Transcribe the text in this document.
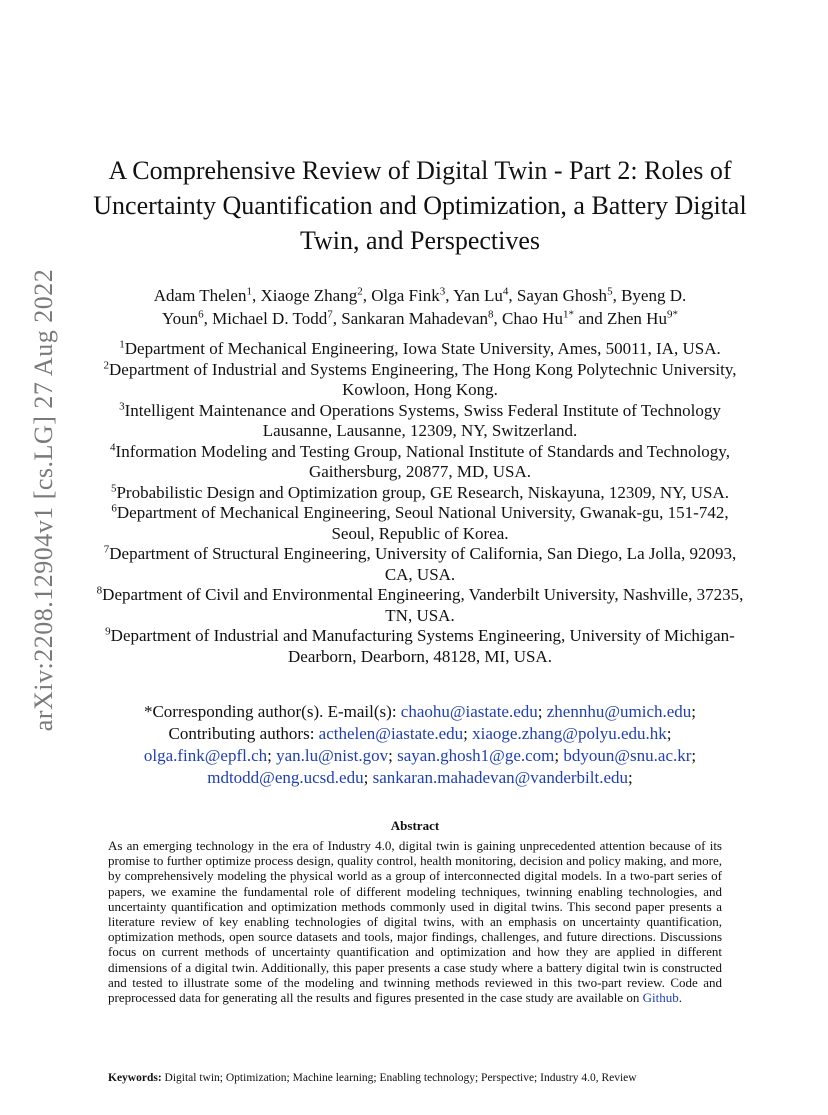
arXiv:2208.12904v1 [cs.LG] 27 Aug 2022
A Comprehensive Review of Digital Twin - Part 2: Roles of Uncertainty Quantification and Optimization, a Battery Digital Twin, and Perspectives
Adam Thelen$^1$, Xiaoge Zhang$^2$, Olga Fink$^3$, Yan Lu$^4$, Sayan Ghosh$^5$, Byeng D.
Youn$^6$, Michael D. Todd$^7$, Sankaran Mahadevan$^8$, Chao $Hu^{1*}$ and Zhen $Hu^{9*}$

$^1$Department of Mechanical Engineering, Iowa State University, Ames, 50011, IA, USA.

$^2$Department of Industrial and Systems Engineering, The Hong Kong Polytechnic University, Kowloon, Hong Kong.

$^3$Intelligent Maintenance and Operations Systems, Swiss Federal Institute of Technology Lausanne, Lausanne, 12309, NY, Switzerland.

$^4$Information Modeling and Testing Group, National Institute of Standards and Technology, Gaithersburg, 20877, MD, USA.

$^5$Probabilistic Design and Optimization group, GE Research, Niskayuna, 12309, NY, USA.

$^6$Department of Mechanical Engineering, Seoul National University, Gwanak-gu, 151-742, Seoul, Republic of Korea.

$^7$Department of Structural Engineering, University of California, San Diego, La Jolla, 92093, CA, USA.

$^8$Department of Civil and Environmental Engineering, Vanderbilt University, Nashville, 37235, TN, USA.

$^9$Department of Industrial and Manufacturing Systems Engineering, University of Michigan-Dearborn, Dearborn, 48128, MI, USA.

*Corresponding author(s). E-mail(s): chaohu@iastate.edu; zhennhu@umich.edu;
Contributing authors: acthelen@iastate.edu; xiaoge.zhang@polyu.edu.hk;
olga.fink@epfl.ch; yan.lu@nist.gov; sayan.ghosh1@ge.com; bdyoun@snu.ac.kr;
mdtodd@eng.ucsd.edu; sankaran.mahadevan@vanderbilt.edu;

Abstract

As an emerging technology in the era of Industry 4.0, digital twin is gaining unprecedented attention because of its promise to further optimize process design, quality control, health monitoring, decision and policy making, and more, by comprehensively modeling the physical world as a group of interconnected digital models. In a two-part series of papers, we examine the fundamental role of different modeling techniques, twinning enabling technologies, and uncertainty quantification and optimization methods commonly used in digital twins. This second paper presents a literature review of key enabling technologies of digital twins, with an emphasis on uncertainty quantification, optimization methods, open source datasets and tools, major findings, challenges, and future directions. Discussions focus on current methods of uncertainty quantification and optimization and how they are applied in different dimensions of a digital twin. Additionally, this paper presents a case study where a battery digital twin is constructed and tested to illustrate some of the modeling and twinning methods reviewed in this two-part review. Code and preprocessed data for generating all the results and figures presented in the case study are available on Github.

Keywords: Digital twin; Optimization; Machine learning; Enabling technology; Perspective; Industry 4.0, Review
